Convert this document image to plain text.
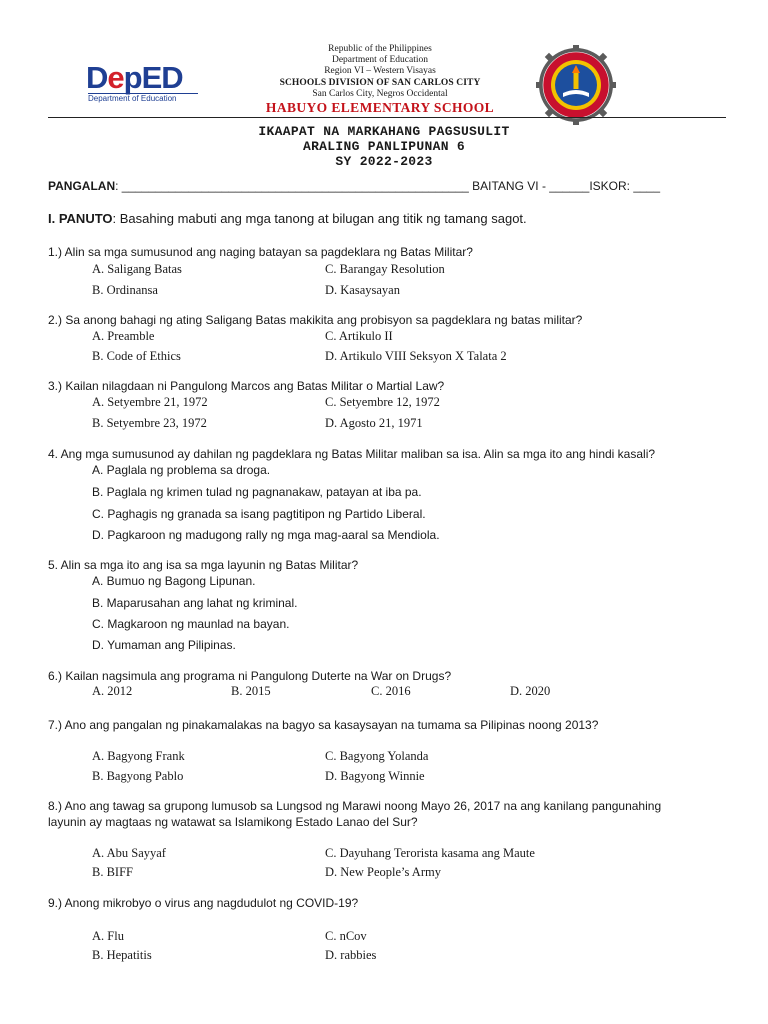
DepED
Department of Education
Republic of the Philippines
Department of Education
Region VI – Western Visayas
SCHOOLS DIVISION OF SAN CARLOS CITY
San Carlos City, Negros Occidental
HABUYO ELEMENTARY SCHOOL
IKAAPAT NA MARKAHANG PAGSUSULIT
ARALING PANLIPUNAN 6
SY 2022-2023
PANGALAN: ____________________________________________________ BAITANG VI - ______ISKOR: ____
I. PANUTO: Basahing mabuti ang mga tanong at bilugan ang titik ng tamang sagot.
1.) Alin sa mga sumusunod ang naging batayan sa pagdeklara ng Batas Militar?
A. Saligang Batas	C. Barangay Resolution
B. Ordinansa	D. Kasaysayan
2.) Sa anong bahagi ng ating Saligang Batas makikita ang probisyon sa pagdeklara ng batas militar?
A. Preamble	C. Artikulo II
B. Code of Ethics	D. Artikulo VIII Seksyon X Talata 2
3.) Kailan nilagdaan ni Pangulong Marcos ang Batas Militar o Martial Law?
A. Setyembre 21, 1972	C. Setyembre 12, 1972
B. Setyembre 23, 1972	D. Agosto 21, 1971
4. Ang mga sumusunod ay dahilan ng pagdeklara ng Batas Militar maliban sa isa. Alin sa mga ito ang hindi kasali?
A. Paglala ng problema sa droga.
B. Paglala ng krimen tulad ng pagnanakaw, patayan at iba pa.
C. Paghagis ng granada sa isang pagtitipon ng Partido Liberal.
D. Pagkaroon ng madugong rally ng mga mag-aaral sa Mendiola.
5. Alin sa mga ito ang isa sa mga layunin ng Batas Militar?
A. Bumuo ng Bagong Lipunan.
B. Maparusahan ang lahat ng kriminal.
C. Magkaroon ng maunlad na bayan.
D. Yumaman ang Pilipinas.
6.) Kailan nagsimula ang programa ni Pangulong Duterte na War on Drugs?
A. 2012	B. 2015	C. 2016	D. 2020
7.) Ano ang pangalan ng pinakamalakas na bagyo sa kasaysayan na tumama sa Pilipinas noong 2013?
A. Bagyong Frank	C. Bagyong Yolanda
B. Bagyong Pablo	D. Bagyong Winnie
8.) Ano ang tawag sa grupong lumusob sa Lungsod ng Marawi noong Mayo 26, 2017 na ang kanilang pangunahing
layunin ay magtaas ng watawat sa Islamikong Estado Lanao del Sur?
A. Abu Sayyaf	C. Dayuhang Terorista kasama ang Maute
B. BIFF	D. New People’s Army
9.) Anong mikrobyo o virus ang nagdudulot ng COVID-19?
A. Flu	C. nCov
B. Hepatitis	D. rabbies
